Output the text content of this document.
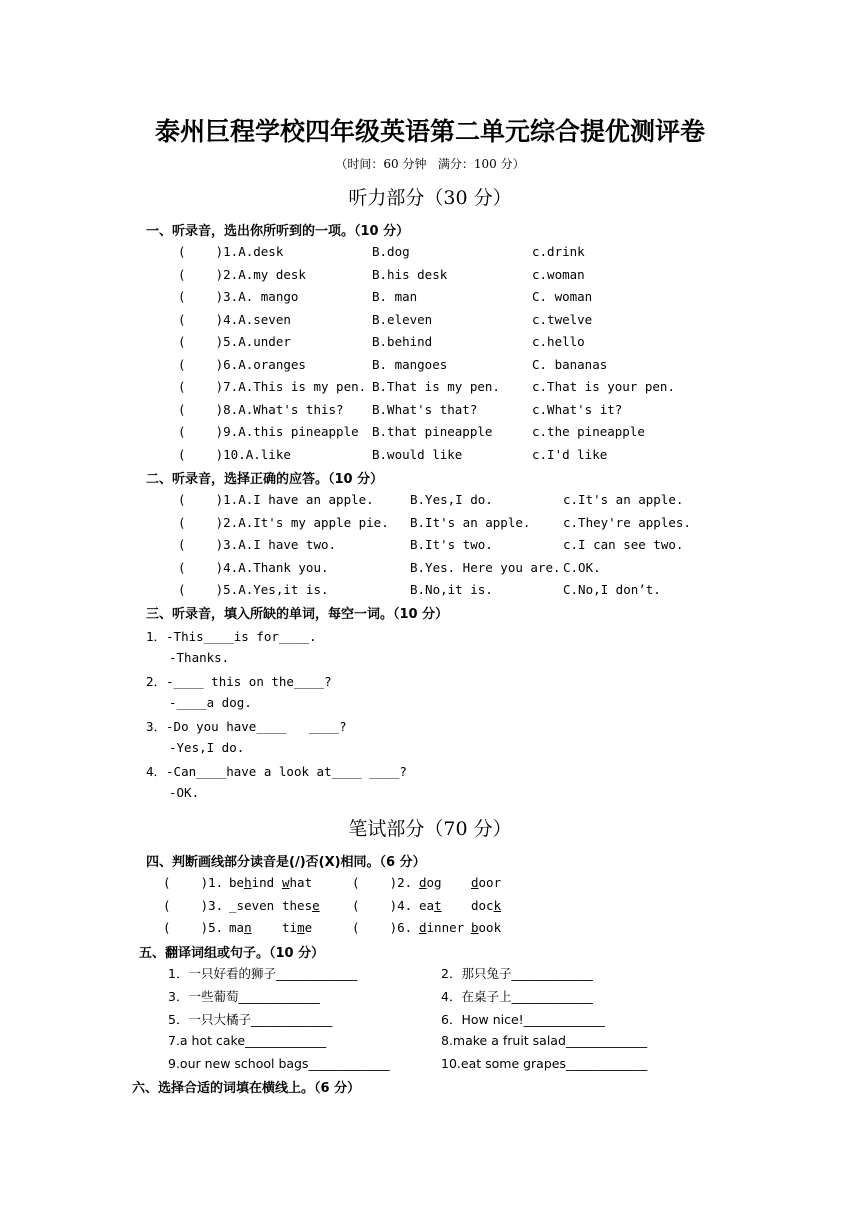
泰州巨程学校四年级英语第二单元综合提优测评卷
（时间：60 分钟   满分：100 分）
听力部分（30 分）
一、听录音，选出你所听到的一项。（10 分）
(    )1.A.desk	B.dog	c.drink
(    )2.A.my desk	B.his desk	c.woman
(    )3.A. mango	B. man	C. woman
(    )4.A.seven	B.eleven	c.twelve
(    )5.A.under	B.behind	c.hello
(    )6.A.oranges	B. mangoes	C. bananas
(    )7.A.This is my pen. B.That is my pen.	c.That is your pen.
(    )8.A.What's this? B.What's that?	c.What's it?
(    )9.A.this pineapple B.that pineapple	c.the pineapple
(    )10.A.like	B.would like	c.I'd like
二、听录音，选择正确的应答。（10 分）
(    )1.A.I have an apple.	B.Yes,I do.	c.It's an apple.
(    )2.A.It's my apple pie. B.It's an apple.	c.They're apples.
(    )3.A.I have two.	B.It's two.	c.I can see two.
(    )4.A.Thank you.	B.Yes. Here you are. C.OK.
(    )5.A.Yes,it is.	B.No,it is.	C.No,I don’t.
三、听录音，填入所缺的单词，每空一词。（10 分）
1．-This____is for____.
-Thanks.
2．-____ this on the____?
-____a dog.
3．-Do you have____   ____?
-Yes,I do.
4．-Can____have a look at____ ____?
-OK.
笔试部分（70 分）
四、判断画线部分读音是(/)否(X)相同。（6 分）
(    )1. behind what	(    )2. dog door
(    )3. _seven these	(    )4. eat dock
(    )5. man time	(    )6. dinner book
五、翻译词组或句子。（10 分）
1．一只好看的狮子_____________	2．那只兔子_____________
3．一些葡萄_____________	4．在桌子上_____________
5．一只大橘子_____________	6．How nice!_____________
7.a hot cake_____________	8.make a fruit salad_____________
9.our new school bags_____________	10.eat some grapes_____________
六、选择合适的词填在横线上。（6 分）
